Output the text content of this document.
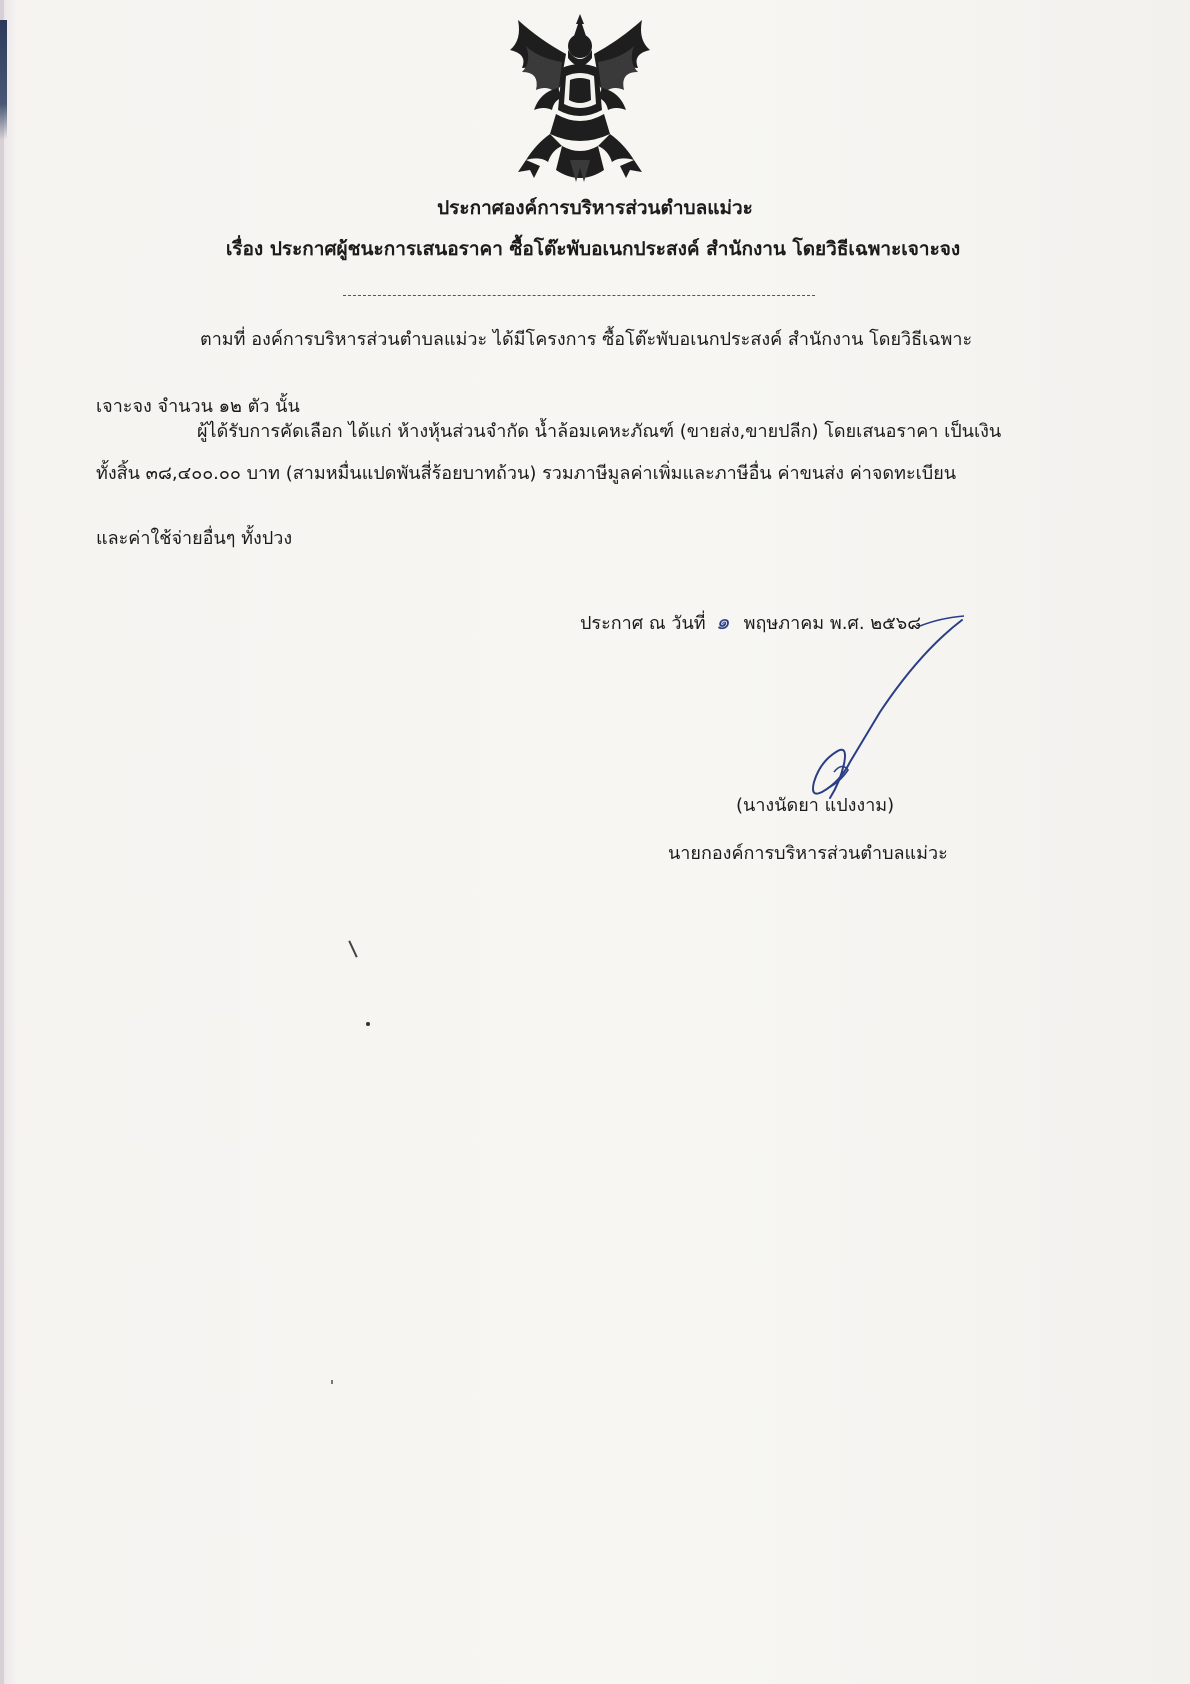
ประกาศองค์การบริหารส่วนตำบลแม่วะ
เรื่อง ประกาศผู้ชนะการเสนอราคา ซื้อโต๊ะพับอเนกประสงค์ สำนักงาน โดยวิธีเฉพาะเจาะจง
ตามที่ องค์การบริหารส่วนตำบลแม่วะ ได้มีโครงการ ซื้อโต๊ะพับอเนกประสงค์ สำนักงาน โดยวิธีเฉพาะ
เจาะจง จำนวน ๑๒ ตัว นั้น
ผู้ได้รับการคัดเลือก ได้แก่ ห้างหุ้นส่วนจำกัด น้ำล้อมเคหะภัณฑ์ (ขายส่ง,ขายปลีก) โดยเสนอราคา เป็นเงิน
ทั้งสิ้น ๓๘,๔๐๐.๐๐ บาท (สามหมื่นแปดพันสี่ร้อยบาทถ้วน) รวมภาษีมูลค่าเพิ่มและภาษีอื่น ค่าขนส่ง ค่าจดทะเบียน
และค่าใช้จ่ายอื่นๆ ทั้งปวง
ประกาศ ณ วันที่ ๑ พฤษภาคม พ.ศ. ๒๕๖๘
(นางนัดยา แปงงาม)
นายกองค์การบริหารส่วนตำบลแม่วะ
